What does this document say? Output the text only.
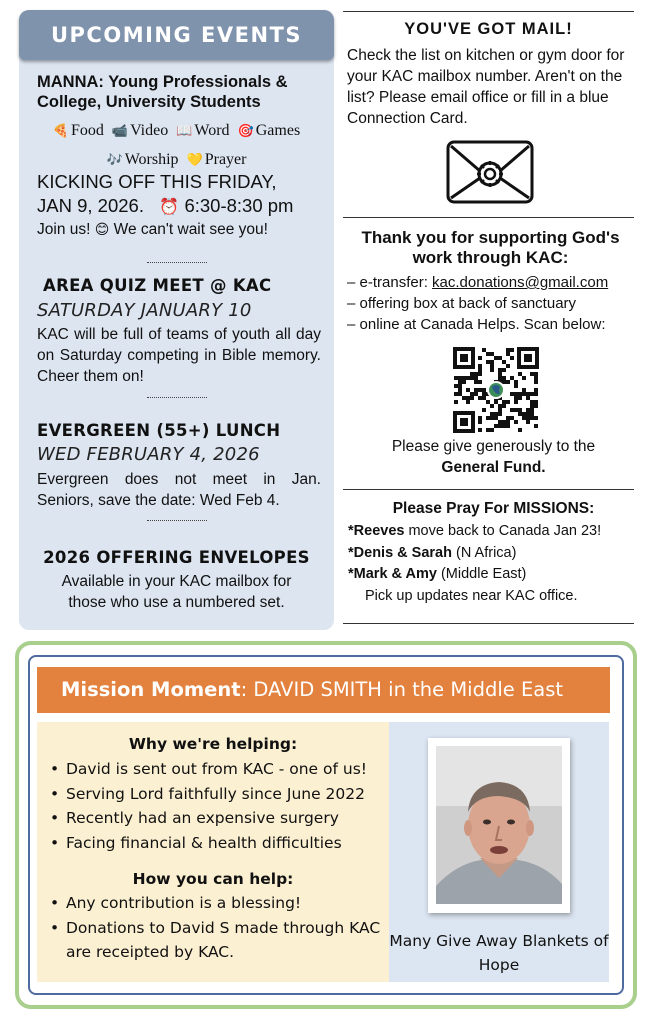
UPCOMING EVENTS
MANNA: Young Professionals & College, University Students
🍕 Food 📹 Video 📖 Word 🎯 Games
🎶 Worship 💛 Prayer
KICKING OFF THIS FRIDAY,
JAN 9, 2026. ⏰ 6:30-8:30 pm
Join us! 😊 We can't wait see you!
AREA QUIZ MEET @ KAC
SATURDAY JANUARY 10
KAC will be full of teams of youth all day on Saturday competing in Bible memory. Cheer them on!
EVERGREEN (55+) LUNCH
WED FEBRUARY 4, 2026
Evergreen does not meet in Jan. Seniors, save the date: Wed Feb 4.
2026 OFFERING ENVELOPES
Available in your KAC mailbox for those who use a numbered set.
YOU'VE GOT MAIL!
Check the list on kitchen or gym door for your KAC mailbox number. Aren't on the list? Please email office or fill in a blue Connection Card.
Thank you for supporting God's work through KAC:
– e-transfer: kac.donations@gmail.com
– offering box at back of sanctuary
– online at Canada Helps. Scan below:
Please give generously to the
General Fund.
Please Pray For MISSIONS:
*Reeves move back to Canada Jan 23!
*Denis & Sarah (N Africa)
*Mark & Amy (Middle East)
Pick up updates near KAC office.
Mission Moment: DAVID SMITH in the Middle East
Why we're helping:
• David is sent out from KAC - one of us!
• Serving Lord faithfully since June 2022
• Recently had an expensive surgery
• Facing financial & health difficulties
How you can help:
• Any contribution is a blessing!
• Donations to David S made through KAC are receipted by KAC.
Many Give Away Blankets of Hope
